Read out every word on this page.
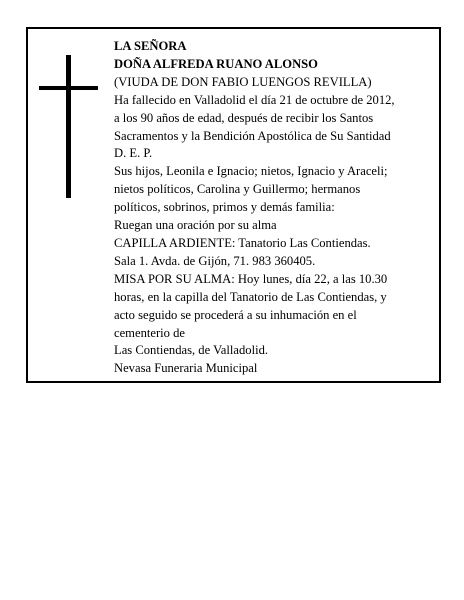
LA SEÑORA
DOÑA ALFREDA RUANO ALONSO
(VIUDA DE DON FABIO LUENGOS REVILLA)
Ha fallecido en Valladolid el día 21 de octubre de 2012,
a los 90 años de edad, después de recibir los Santos
Sacramentos y la Bendición Apostólica de Su Santidad
D. E. P.
Sus hijos, Leonila e Ignacio; nietos, Ignacio y Araceli;
nietos políticos, Carolina y Guillermo; hermanos
políticos, sobrinos, primos y demás familia:
Ruegan una oración por su alma
CAPILLA ARDIENTE: Tanatorio Las Contiendas.
Sala 1. Avda. de Gijón, 71. 983 360405.
MISA POR SU ALMA: Hoy lunes, día 22, a las 10.30
horas, en la capilla del Tanatorio de Las Contiendas, y
acto seguido se procederá a su inhumación en el
cementerio de
Las Contiendas, de Valladolid.
Nevasa Funeraria Municipal
